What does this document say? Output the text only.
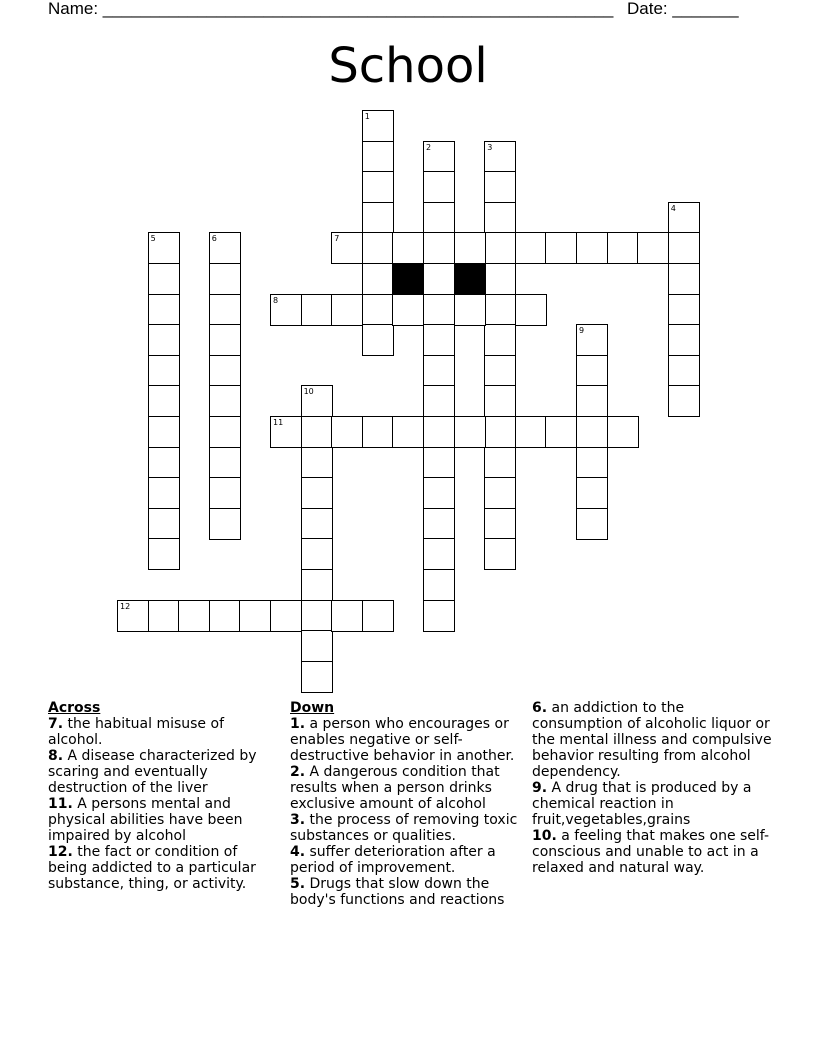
Name: ______________________________________________________ Date: _______
School
1
2	3
4
5	6	7
8
9
10
11
12
Across
7. the habitual misuse of alcohol.
8. A disease characterized by scaring and eventually destruction of the liver
11. A persons mental and physical abilities have been impaired by alcohol
12. the fact or condition of being addicted to a particular substance, thing, or activity.
Down
1. a person who encourages or enables negative or self-destructive behavior in another.
2. A dangerous condition that results when a person drinks exclusive amount of alcohol
3. the process of removing toxic substances or qualities.
4. suffer deterioration after a period of improvement.
5. Drugs that slow down the body's functions and reactions
6. an addiction to the consumption of alcoholic liquor or the mental illness and compulsive behavior resulting from alcohol dependency.
9. A drug that is produced by a chemical reaction in fruit,vegetables,grains
10. a feeling that makes one self-conscious and unable to act in a relaxed and natural way.
